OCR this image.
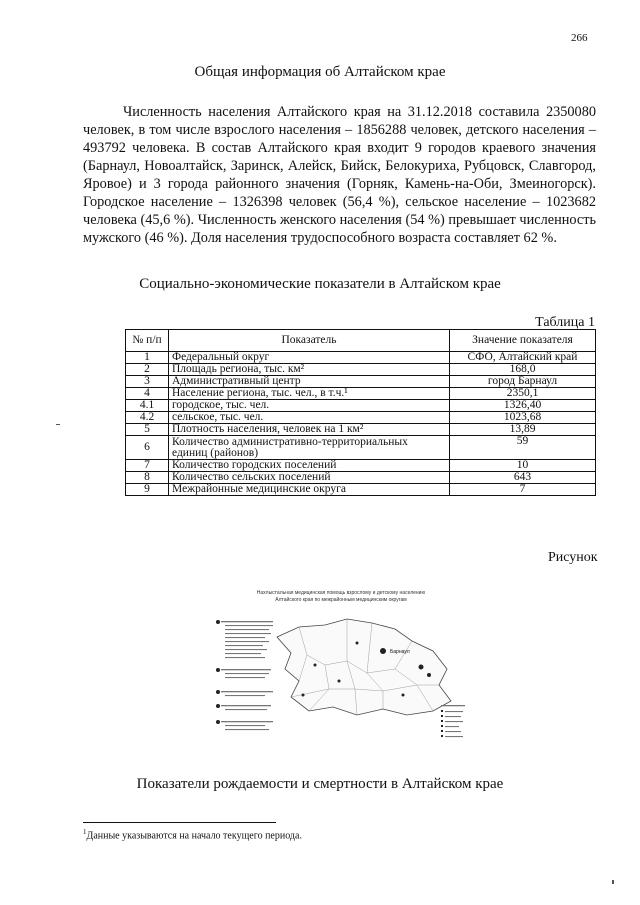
266
Общая информация об Алтайском крае
Численность населения Алтайского края на 31.12.2018 составила 2350080 человек, в том числе взрослого населения – 1856288 человек, детского населения – 493792 человека. В состав Алтайского края входит 9 городов краевого значения (Барнаул, Новоалтайск, Заринск, Алейск, Бийск, Белокуриха, Рубцовск, Славгород, Яровое) и 3 города районного значения (Горняк, Камень-на-Оби, Змеиногорск). Городское население – 1326398 человек (56,4 %), сельское население – 1023682 человека (45,6 %). Численность женского населения (54 %) превышает численность мужского (46 %). Доля населения трудоспособного возраста составляет 62 %.
Социально-экономические показатели в Алтайском крае
Таблица 1
№ п/п	Показатель	Значение показателя
1	Федеральный округ	СФО, Алтайский край
2	Площадь региона, тыс. км²	168,0
3	Административный центр	город Барнаул
4	Население региона, тыс. чел., в т.ч.¹	2350,1
4.1	городское, тыс. чел.	1326,40
4.2	сельское, тыс. чел.	1023,68
5	Плотность населения, человек на 1 км²	13,89
6	Количество административно-территориальных единиц (районов)	59
7	Количество городских поселений	10
8	Количество сельских поселений	643
9	Межрайонные медицинские округа	7
Рисунок
Барнаул
Нахлыстальная медицинская помощь взрослому и детскому населению
Алтайского края по межрайонным медицинским округам
Показатели рождаемости и смертности в Алтайском крае
$^1$Данные указываются на начало текущего периода.
